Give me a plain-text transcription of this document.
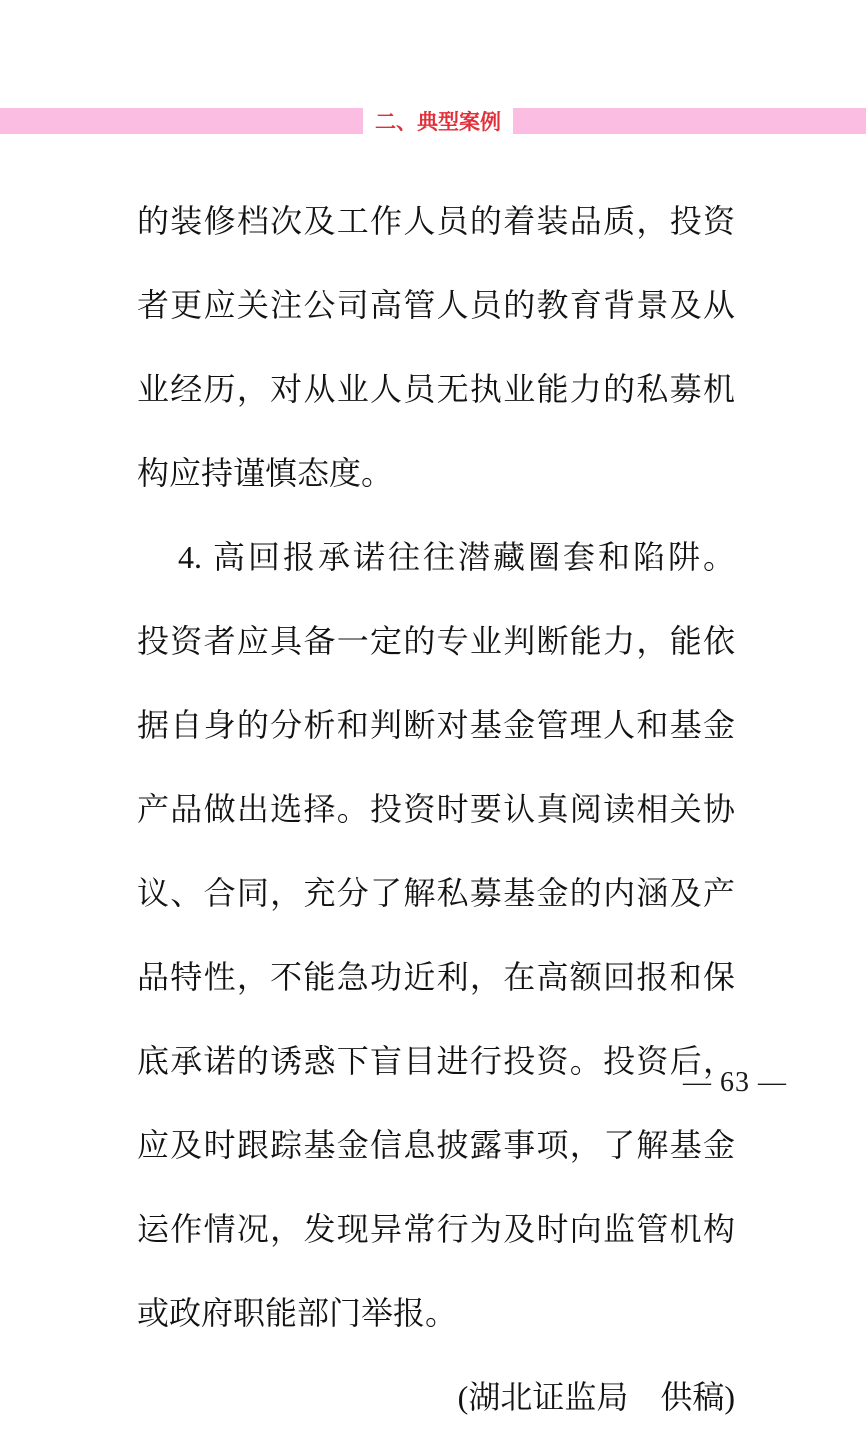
二、典型案例

的装修档次及工作人员的着装品质，投资

者更应关注公司高管人员的教育背景及从

业经历，对从业人员无执业能力的私募机

构应持谨慎态度。

4. 高回报承诺往往潜藏圈套和陷阱。

投资者应具备一定的专业判断能力，能依

据自身的分析和判断对基金管理人和基金

产品做出选择。投资时要认真阅读相关协

议、合同，充分了解私募基金的内涵及产

品特性，不能急功近利，在高额回报和保

底承诺的诱惑下盲目进行投资。投资后，

应及时跟踪基金信息披露事项，了解基金

运作情况，发现异常行为及时向监管机构

或政府职能部门举报。

(湖北证监局　供稿)

— 63 —
